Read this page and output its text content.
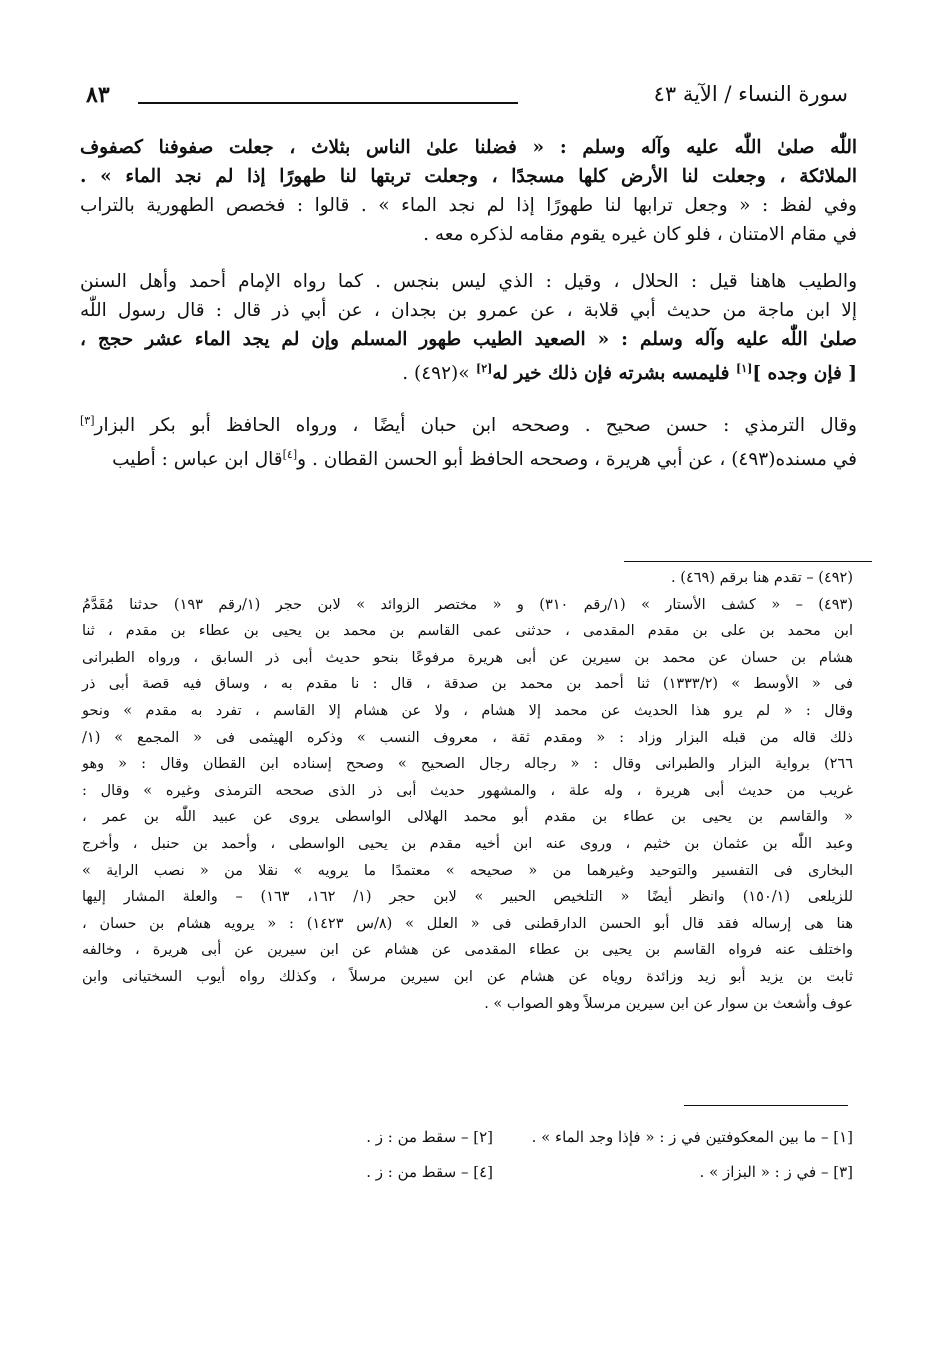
سورة النساء / الآية ٤٣
٨٣
اللّٰه صلىٰ اللّٰه عليه وآله وسلم : « فضلنا علىٰ الناس بثلاث ، جعلت صفوفنا كصفوف
الملائكة ، وجعلت لنا الأرض كلها مسجدًا ، وجعلت تربتها لنا طهورًا إذا لم نجد الماء » .
وفي لفظ : « وجعل ترابها لنا طهورًا إذا لم نجد الماء » . قالوا : فخصص الطهورية بالتراب
في مقام الامتنان ، فلو كان غيره يقوم مقامه لذكره معه .
والطيب هاهنا قيل : الحلال ، وقيل : الذي ليس بنجس . كما رواه الإمام أحمد وأهل السنن
إلا ابن ماجة من حديث أبي قلابة ، عن عمرو بن بجدان ، عن أبي ذر قال : قال رسول اللّٰه
صلىٰ اللّٰه عليه وآله وسلم : « الصعيد الطيب طهور المسلم وإن لم يجد الماء عشر حجج ،
[ فإن وجده ][١] فليمسه بشرته فإن ذلك خير له[٢] »(٤٩٢) .
وقال الترمذي : حسن صحيح . وصححه ابن حبان أيضًا ، ورواه الحافظ أبو بكر البزار[٣]
في مسنده(٤٩٣) ، عن أبي هريرة ، وصححه الحافظ أبو الحسن القطان . و[٤]قال ابن عباس : أطيب
(٤٩٢) – تقدم هنا برقم (٤٦٩) .
(٤٩٣) – « كشف الأستار » (١/رقم ٣١٠) و « مختصر الزوائد » لابن حجر (١/رقم ١٩٣) حدثنا مُقَدَّمُ
ابن محمد بن على بن مقدم المقدمى ، حدثنى عمى القاسم بن محمد بن يحيى بن عطاء بن مقدم ، ثنا
هشام بن حسان عن محمد بن سيرين عن أبى هريرة مرفوعًا بنحو حديث أبى ذر السابق ، ورواه الطبرانى
فى « الأوسط » (١٣٣٣/٢) ثنا أحمد بن محمد بن صدقة ، قال : نا مقدم به ، وساق فيه قصة أبى ذر
وقال : « لم يرو هذا الحديث عن محمد إلا هشام ، ولا عن هشام إلا القاسم ، تفرد به مقدم » ونحو
ذلك قاله من قبله البزار وزاد : « ومقدم ثقة ، معروف النسب » وذكره الهيثمى فى « المجمع » (١/
٢٦٦) برواية البزار والطبرانى وقال : « رجاله رجال الصحيح » وصحح إسناده ابن القطان وقال : « وهو
غريب من حديث أبى هريرة ، وله علة ، والمشهور حديث أبى ذر الذى صححه الترمذى وغيره » وقال :
« والقاسم بن يحيى بن عطاء بن مقدم أبو محمد الهلالى الواسطى يروى عن عبيد اللّٰه بن عمر ،
وعبد اللّٰه بن عثمان بن خثيم ، وروى عنه ابن أخيه مقدم بن يحيى الواسطى ، وأحمد بن حنبل ، وأخرج
البخارى فى التفسير والتوحيد وغيرهما من « صحيحه » معتمدًا ما يرويه » نقلا من « نصب الراية »
للزيلعى (١٥٠/١) وانظر أيضًا « التلخيص الحبير » لابن حجر (١/ ١٦٢، ١٦٣) – والعلة المشار إليها
هنا هى إرساله فقد قال أبو الحسن الدارقطنى فى « العلل » (٨/س ١٤٢٣) : « يرويه هشام بن حسان ،
واختلف عنه فرواه القاسم بن يحيى بن عطاء المقدمى عن هشام عن ابن سيرين عن أبى هريرة ، وخالفه
ثابت بن يزيد أبو زيد وزائدة روياه عن هشام عن ابن سيرين مرسلاً ، وكذلك رواه أيوب السختيانى وابن
عوف وأشعث بن سوار عن ابن سيرين مرسلاً وهو الصواب » .
[١] – ما بين المعكوفتين في ز : « فإذا وجد الماء » .[٢] – سقط من : ز .
[٣] – في ز : « البزاز » .[٤] – سقط من : ز .
